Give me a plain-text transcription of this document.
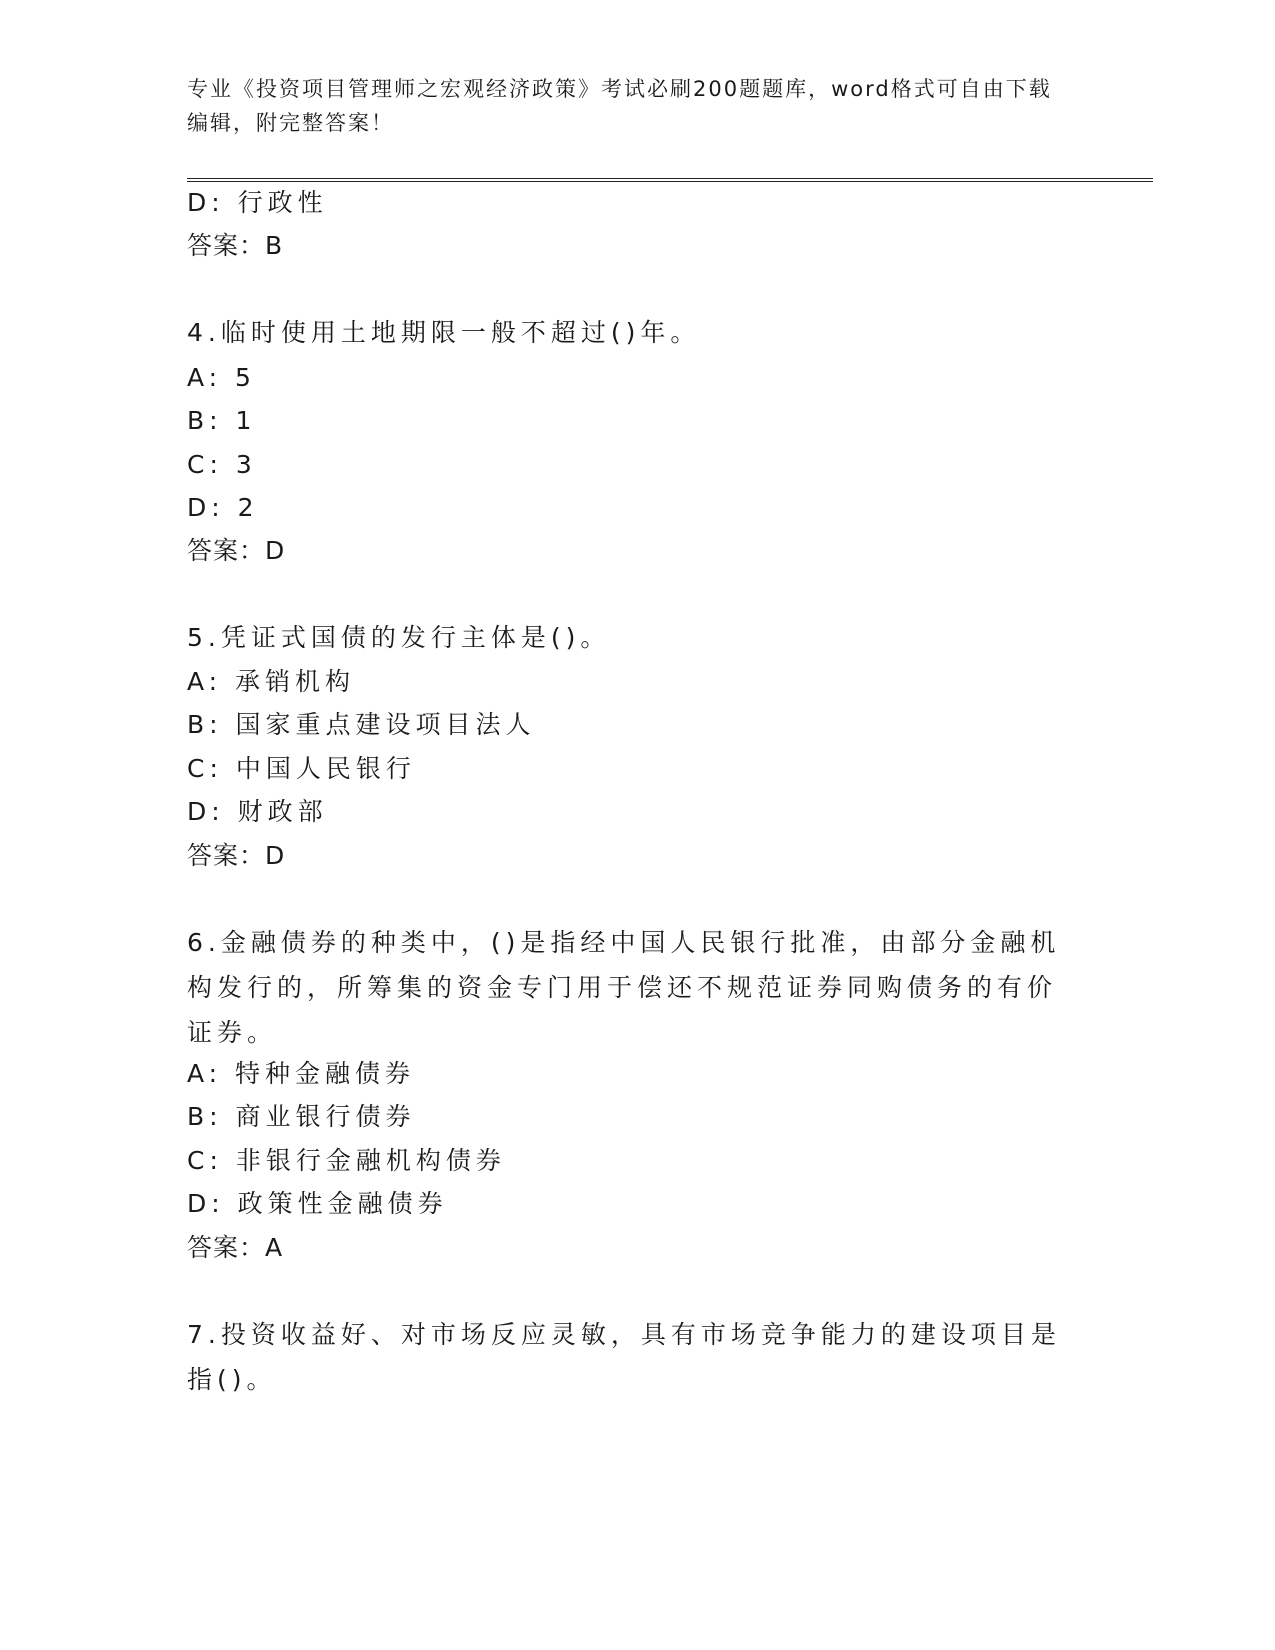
专业《投资项目管理师之宏观经济政策》考试必刷200题题库，word格式可自由下载编辑，附完整答案！
D: 行政性
答案：B
4.临时使用土地期限一般不超过()年。
A: 5
B: 1
C: 3
D: 2
答案：D
5.凭证式国债的发行主体是()。
A: 承销机构
B: 国家重点建设项目法人
C: 中国人民银行
D: 财政部
答案：D
6.金融债券的种类中，()是指经中国人民银行批准，由部分金融机构发行的，所筹集的资金专门用于偿还不规范证券同购债务的有价证券。
A: 特种金融债券
B: 商业银行债券
C: 非银行金融机构债券
D: 政策性金融债券
答案：A
7.投资收益好、对市场反应灵敏，具有市场竞争能力的建设项目是指()。
